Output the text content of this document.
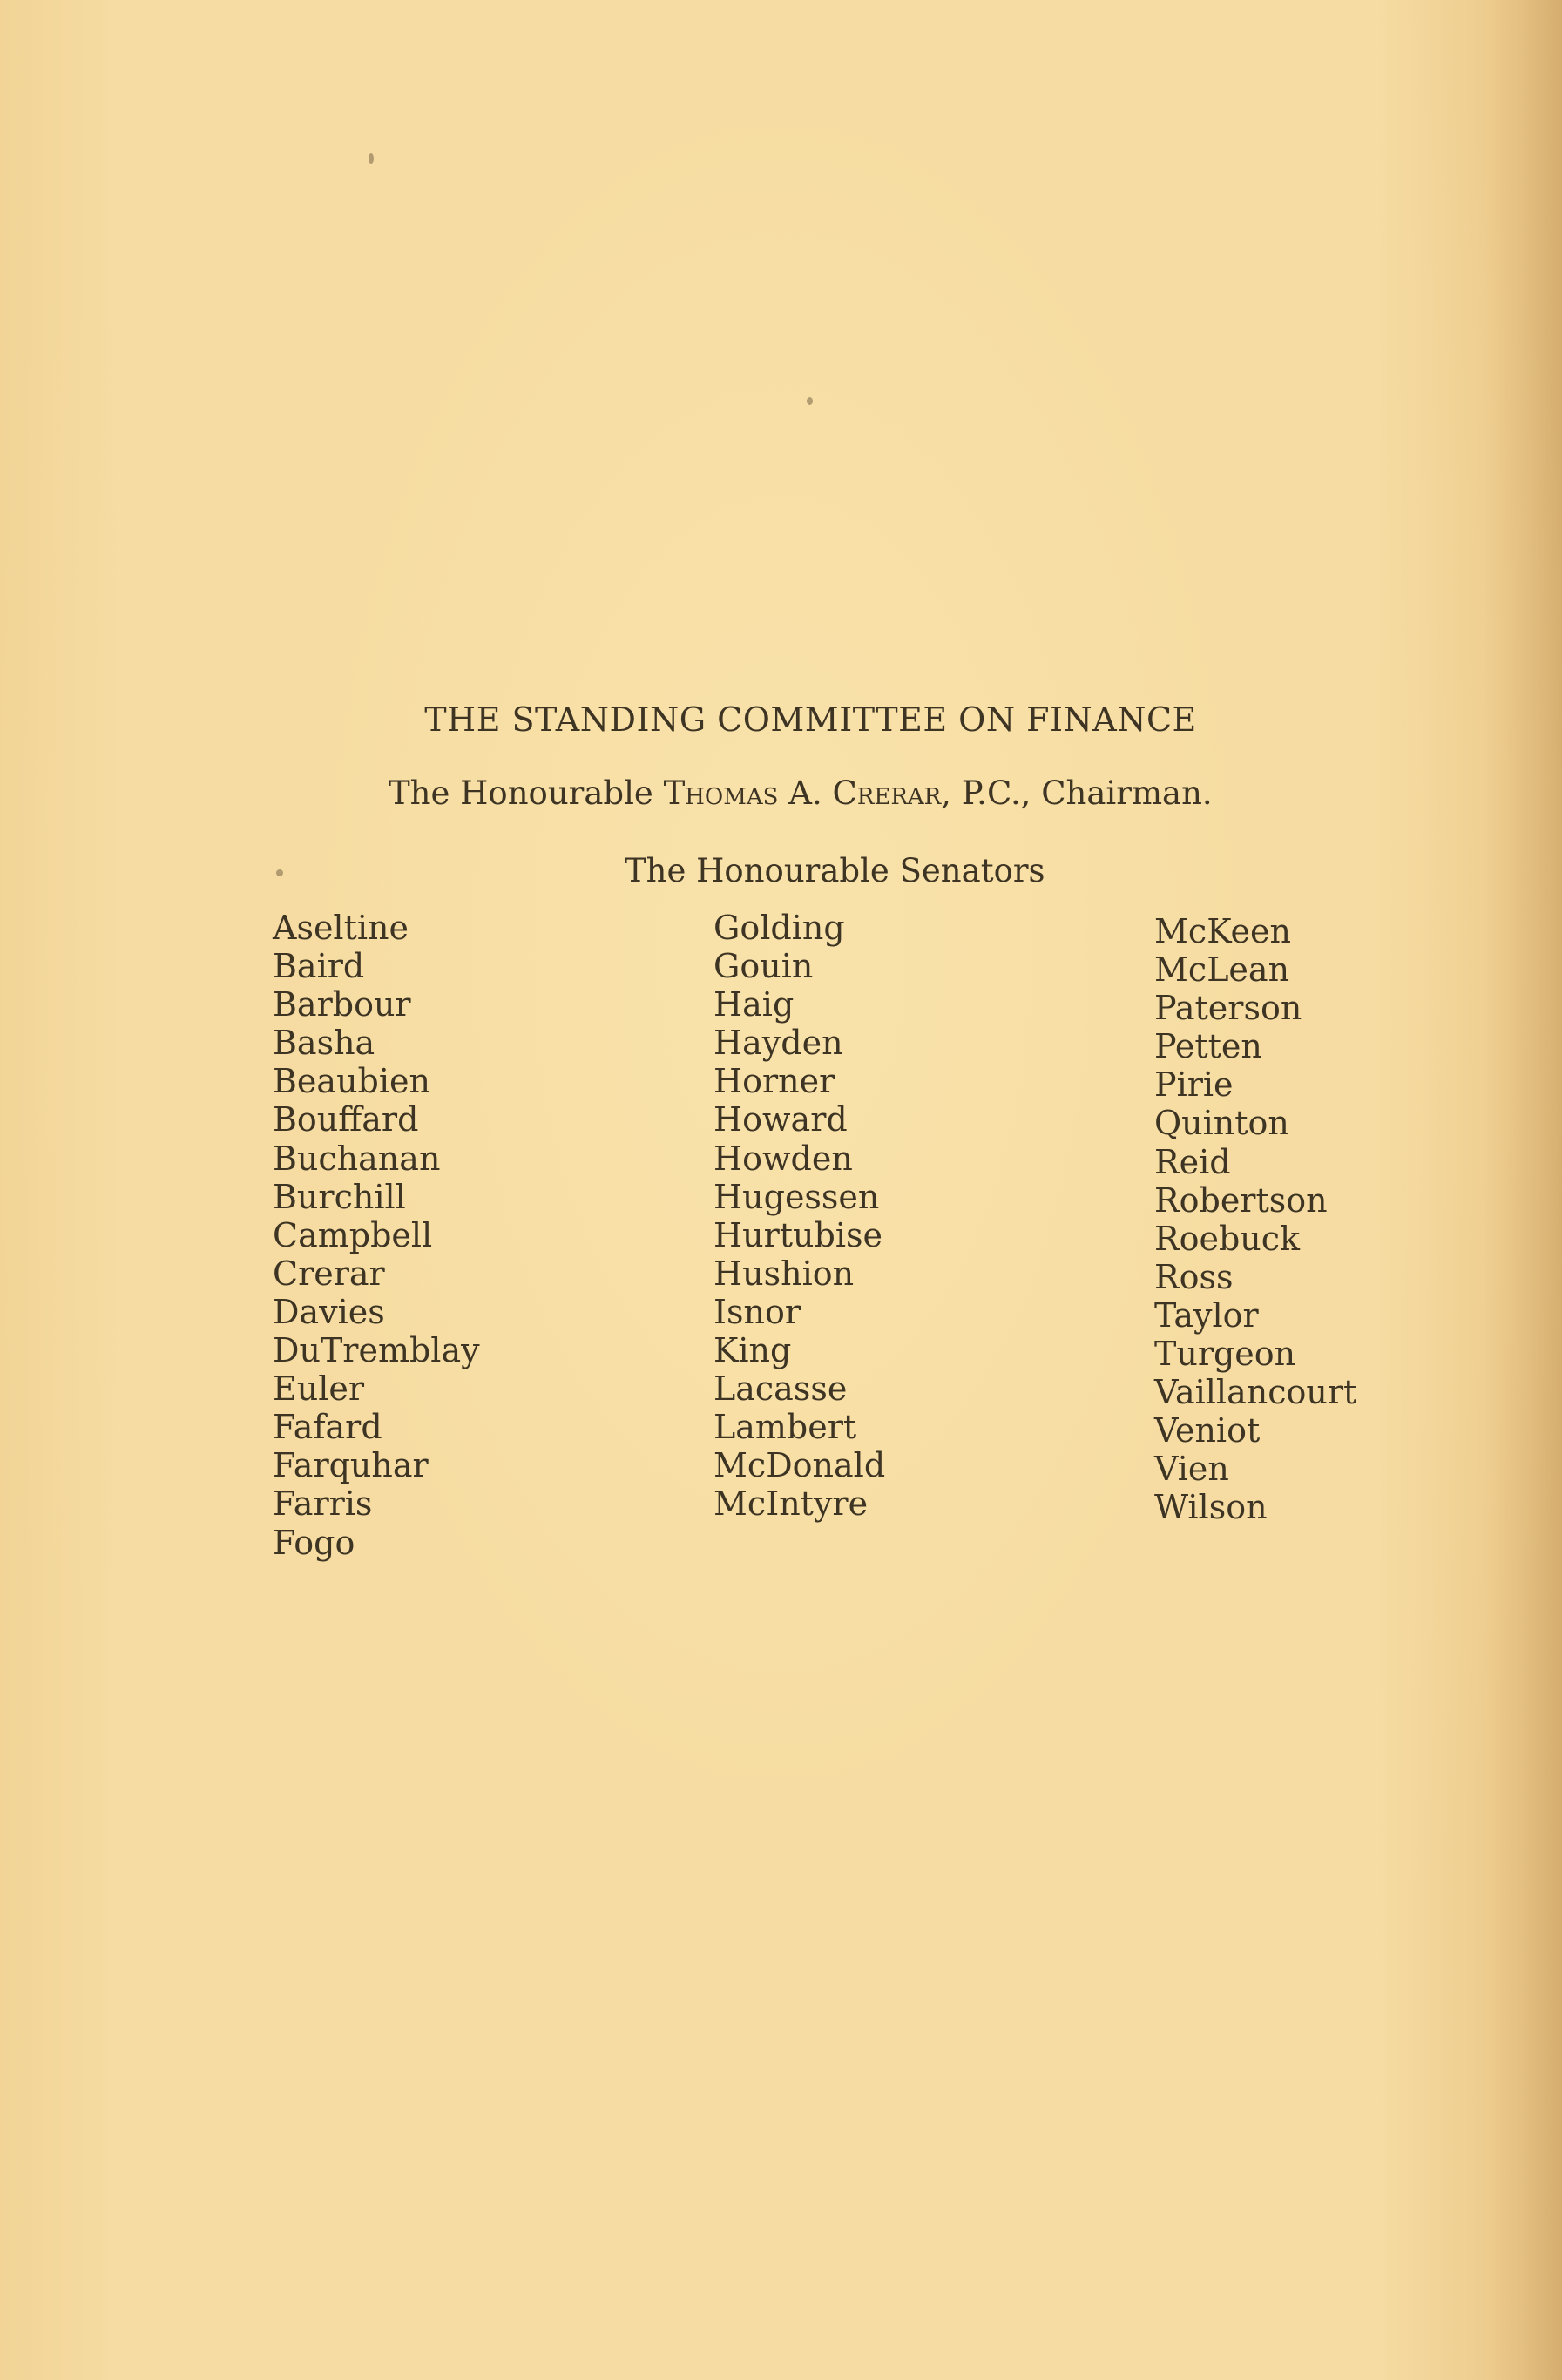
THE STANDING COMMITTEE ON FINANCE
The Honourable Thomas A. Crerar, P.C., Chairman.
The Honourable Senators
Aseltine
Baird
Barbour
Basha
Beaubien
Bouffard
Buchanan
Burchill
Campbell
Crerar
Davies
DuTremblay
Euler
Fafard
Farquhar
Farris
Fogo
Golding
Gouin
Haig
Hayden
Horner
Howard
Howden
Hugessen
Hurtubise
Hushion
Isnor
King
Lacasse
Lambert
McDonald
McIntyre
McKeen
McLean
Paterson
Petten
Pirie
Quinton
Reid
Robertson
Roebuck
Ross
Taylor
Turgeon
Vaillancourt
Veniot
Vien
Wilson
